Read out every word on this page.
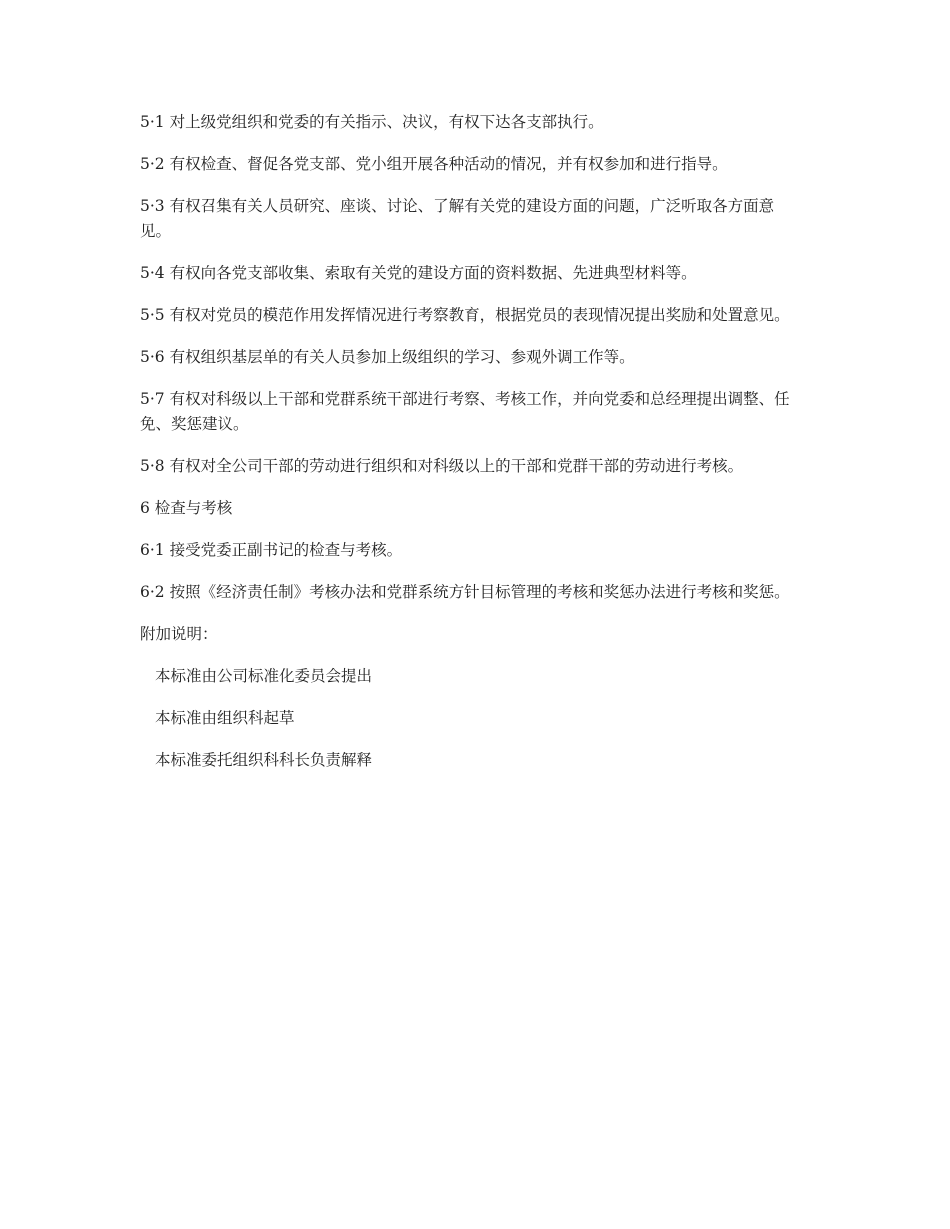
5·1 对上级党组织和党委的有关指示、决议，有权下达各支部执行。

5·2 有权检查、督促各党支部、党小组开展各种活动的情况，并有权参加和进行指导。

5·3 有权召集有关人员研究、座谈、讨论、了解有关党的建设方面的问题，广泛听取各方面意见。

5·4 有权向各党支部收集、索取有关党的建设方面的资料数据、先进典型材料等。

5·5 有权对党员的模范作用发挥情况进行考察教育，根据党员的表现情况提出奖励和处置意见。

5·6 有权组织基层单的有关人员参加上级组织的学习、参观外调工作等。

5·7 有权对科级以上干部和党群系统干部进行考察、考核工作，并向党委和总经理提出调整、任免、奖惩建议。

5·8 有权对全公司干部的劳动进行组织和对科级以上的干部和党群干部的劳动进行考核。

6 检查与考核

6·1 接受党委正副书记的检查与考核。

6·2 按照《经济责任制》考核办法和党群系统方针目标管理的考核和奖惩办法进行考核和奖惩。

附加说明：

本标准由公司标准化委员会提出

本标准由组织科起草

本标准委托组织科科长负责解释
